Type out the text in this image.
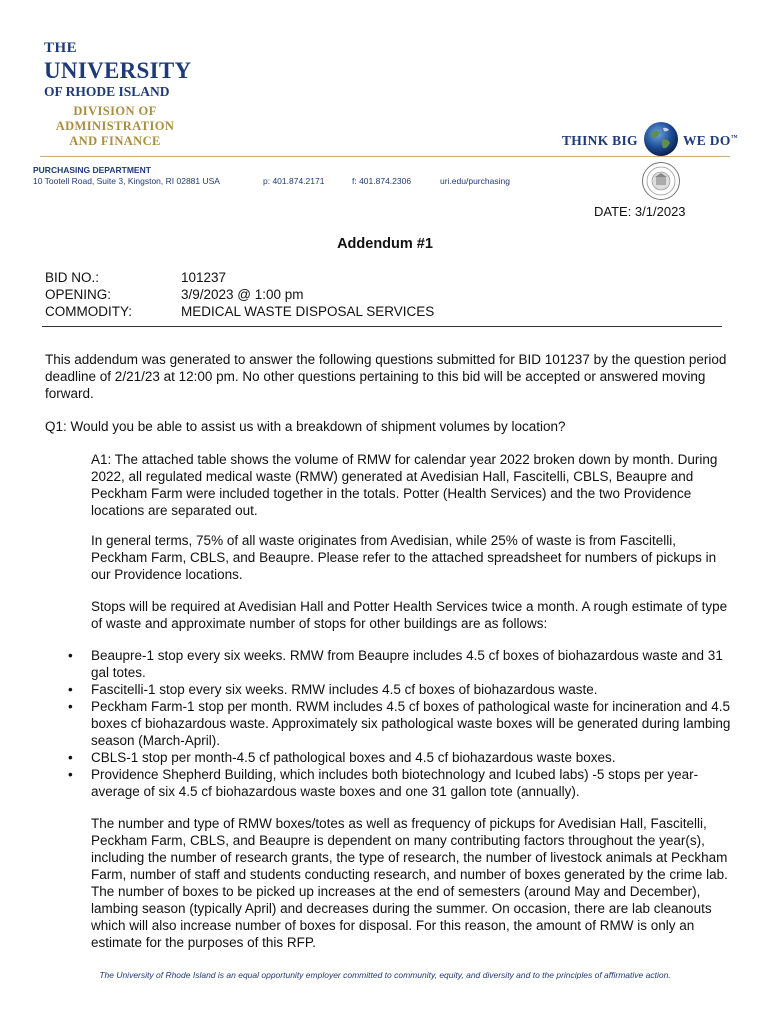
THE
UNIVERSITY
OF RHODE ISLAND
DIVISION OF
ADMINISTRATION
AND FINANCE	THINK BIG	WE DO™
PURCHASING DEPARTMENT
10 Tootell Road, Suite 3, Kingston, RI 02881 USA	p: 401.874.2171	f: 401.874.2306	uri.edu/purchasing
DATE: 3/1/2023
Addendum #1
BID NO.:	101237
OPENING:	3/9/2023 @ 1:00 pm
COMMODITY:	MEDICAL WASTE DISPOSAL SERVICES
This addendum was generated to answer the following questions submitted for BID 101237 by the question period deadline of 2/21/23 at 12:00 pm. No other questions pertaining to this bid will be accepted or answered moving forward.
Q1: Would you be able to assist us with a breakdown of shipment volumes by location?
A1: The attached table shows the volume of RMW for calendar year 2022 broken down by month. During 2022, all regulated medical waste (RMW) generated at Avedisian Hall, Fascitelli, CBLS, Beaupre and Peckham Farm were included together in the totals. Potter (Health Services) and the two Providence locations are separated out.
In general terms, 75% of all waste originates from Avedisian, while 25% of waste is from Fascitelli, Peckham Farm, CBLS, and Beaupre. Please refer to the attached spreadsheet for numbers of pickups in our Providence locations.
Stops will be required at Avedisian Hall and Potter Health Services twice a month. A rough estimate of type of waste and approximate number of stops for other buildings are as follows:
• Beaupre-1 stop every six weeks. RMW from Beaupre includes 4.5 cf boxes of biohazardous waste and 31 gal totes.
• Fascitelli-1 stop every six weeks. RMW includes 4.5 cf boxes of biohazardous waste.
• Peckham Farm-1 stop per month. RWM includes 4.5 cf boxes of pathological waste for incineration and 4.5 boxes cf biohazardous waste. Approximately six pathological waste boxes will be generated during lambing season (March-April).
• CBLS-1 stop per month-4.5 cf pathological boxes and 4.5 cf biohazardous waste boxes.
• Providence Shepherd Building, which includes both biotechnology and Icubed labs) -5 stops per year-average of six 4.5 cf biohazardous waste boxes and one 31 gallon tote (annually).
The number and type of RMW boxes/totes as well as frequency of pickups for Avedisian Hall, Fascitelli, Peckham Farm, CBLS, and Beaupre is dependent on many contributing factors throughout the year(s), including the number of research grants, the type of research, the number of livestock animals at Peckham Farm, number of staff and students conducting research, and number of boxes generated by the crime lab. The number of boxes to be picked up increases at the end of semesters (around May and December), lambing season (typically April) and decreases during the summer. On occasion, there are lab cleanouts which will also increase number of boxes for disposal. For this reason, the amount of RMW is only an estimate for the purposes of this RFP.
The University of Rhode Island is an equal opportunity employer committed to community, equity, and diversity and to the principles of affirmative action.
